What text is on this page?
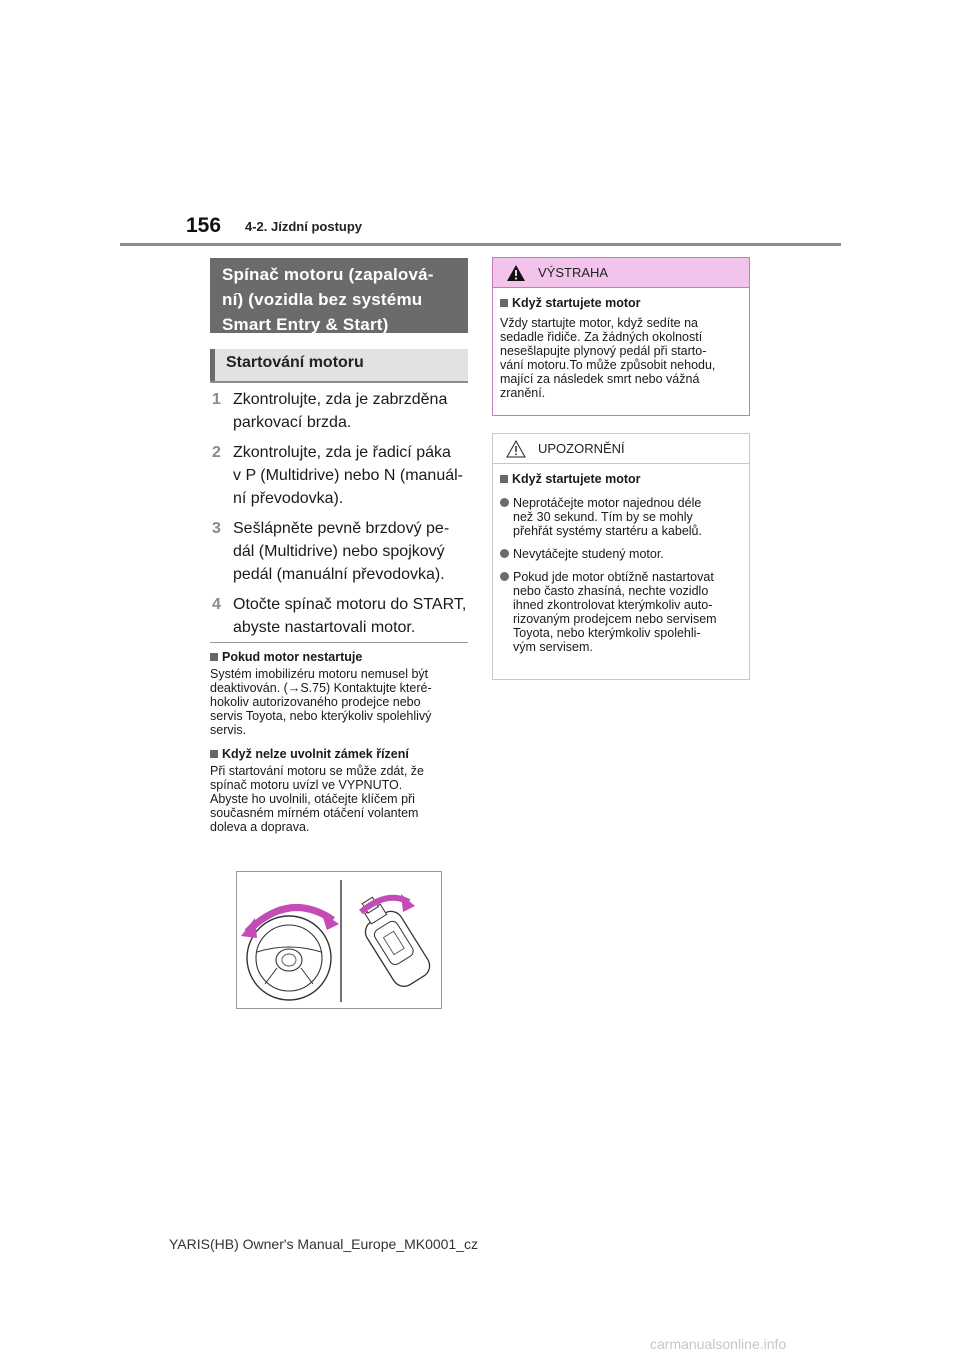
156 4-2. Jízdní postupy
Spínač motoru (zapalová-
ní) (vozidla bez systému
Smart Entry & Start)
Startování motoru
1 Zkontrolujte, zda je zabrzděna
parkovací brzda.
2 Zkontrolujte, zda je řadicí páka
v P (Multidrive) nebo N (manuál-
ní převodovka).
3 Sešlápněte pevně brzdový pe-
dál (Multidrive) nebo spojkový
pedál (manuální převodovka).
4 Otočte spínač motoru do START,
abyste nastartovali motor.
Pokud motor nestartuje
Systém imobilizéru motoru nemusel být
deaktivován. (→S.75) Kontaktujte které-
hokoliv autorizovaného prodejce nebo
servis Toyota, nebo kterýkoliv spolehlivý
servis.
Když nelze uvolnit zámek řízení
Při startování motoru se může zdát, že
spínač motoru uvízl ve VYPNUTO.
Abyste ho uvolnili, otáčejte klíčem při
současném mírném otáčení volantem
doleva a doprava.
VÝSTRAHA
Když startujete motor
Vždy startujte motor, když sedíte na
sedadle řidiče. Za žádných okolností
nesešlapujte plynový pedál při starto-
vání motoru.To může způsobit nehodu,
mající za následek smrt nebo vážná
zranění.
UPOZORNĚNÍ
Když startujete motor
Neprotáčejte motor najednou déle
než 30 sekund. Tím by se mohly
přehřát systémy startéru a kabelů.
Nevytáčejte studený motor.
Pokud jde motor obtížně nastartovat
nebo často zhasíná, nechte vozidlo
ihned zkontrolovat kterýmkoliv auto-
rizovaným prodejcem nebo servisem
Toyota, nebo kterýmkoliv spolehli-
vým servisem.
YARIS(HB) Owner's Manual_Europe_MK0001_cz
carmanualsonline.info
